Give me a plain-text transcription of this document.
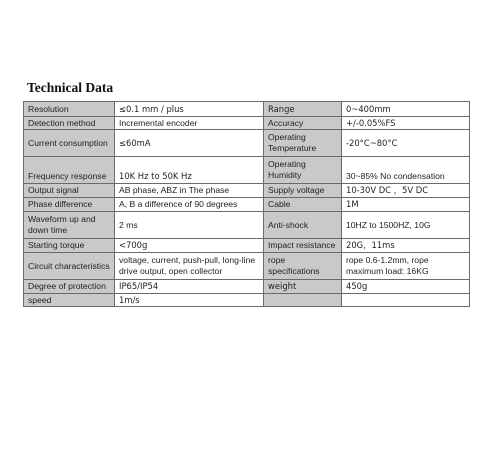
Technical Data
Resolution	≤0.1 mm / plus	Range	0~400mm
Detection method	Incremental encoder	Accuracy	+/-0.05%FS
Current consumption	≤60mA	Operating Temperature	-20°C~80°C
Frequency response	10K Hz to 50K Hz	Operating Humidity	30~85% No condensation
Output signal	AB phase, ABZ in The phase	Supply voltage	10-30V DC ，5V DC
Phase difference	A, B a difference of 90 degrees	Cable	1M
Waveform up and down time	2 ms	Anti-shock	10HZ to 1500HZ, 10G
Starting torque	<700g	Impact resistance	20G，11ms
Circuit characteristics	voltage, current, push-pull, long-line drive output, open collector	rope specifications	rope 0.6-1.2mm, rope maximum load: 16KG
Degree of protection	IP65/IP54	weight	450g
speed	1m/s		
